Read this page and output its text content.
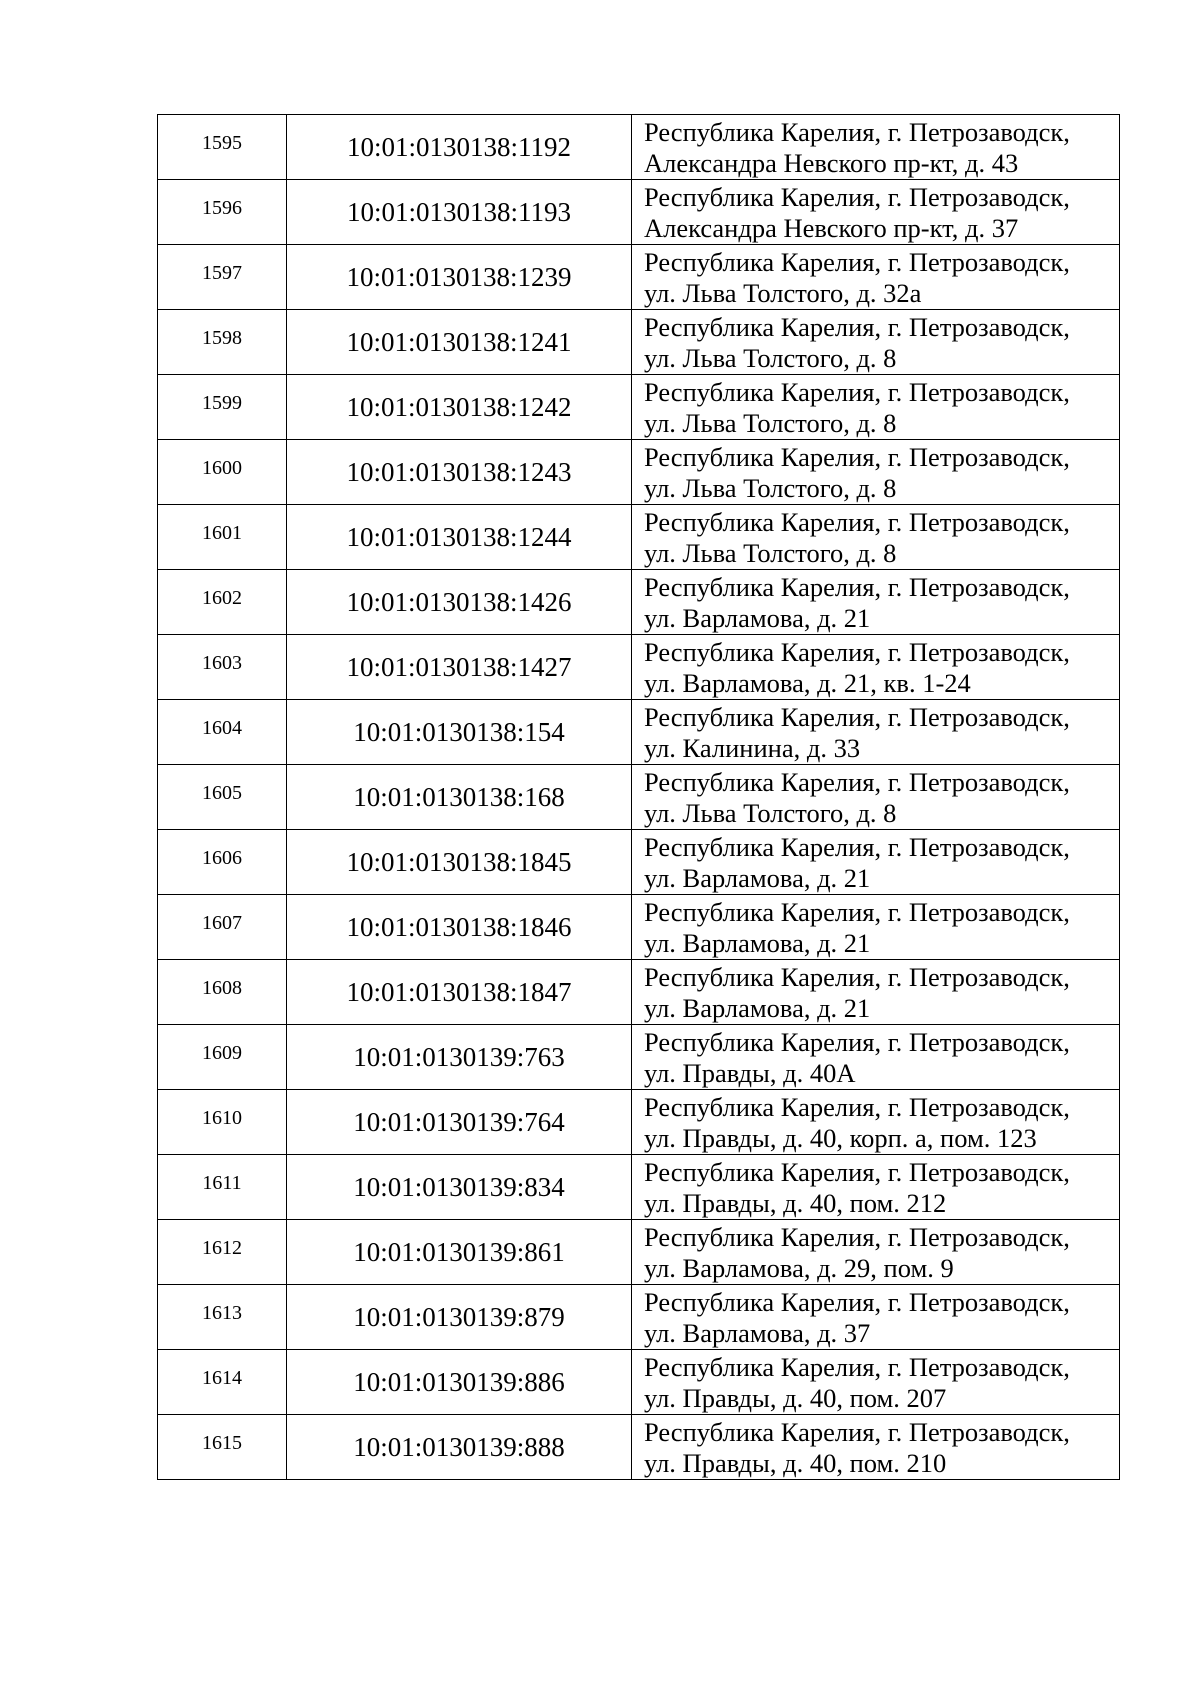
1595	10:01:0130138:1192	Республика Карелия, г. Петрозаводск,
Александра Невского пр-кт, д. 43

1596	10:01:0130138:1193	Республика Карелия, г. Петрозаводск,
Александра Невского пр-кт, д. 37

1597	10:01:0130138:1239	Республика Карелия, г. Петрозаводск,
ул. Льва Толстого, д. 32а

1598	10:01:0130138:1241	Республика Карелия, г. Петрозаводск,
ул. Льва Толстого, д. 8

1599	10:01:0130138:1242	Республика Карелия, г. Петрозаводск,
ул. Льва Толстого, д. 8

1600	10:01:0130138:1243	Республика Карелия, г. Петрозаводск,
ул. Льва Толстого, д. 8

1601	10:01:0130138:1244	Республика Карелия, г. Петрозаводск,
ул. Льва Толстого, д. 8

1602	10:01:0130138:1426	Республика Карелия, г. Петрозаводск,
ул. Варламова, д. 21

1603	10:01:0130138:1427	Республика Карелия, г. Петрозаводск,
ул. Варламова, д. 21, кв. 1-24

1604	10:01:0130138:154	Республика Карелия, г. Петрозаводск,
ул. Калинина, д. 33

1605	10:01:0130138:168	Республика Карелия, г. Петрозаводск,
ул. Льва Толстого, д. 8

1606	10:01:0130138:1845	Республика Карелия, г. Петрозаводск,
ул. Варламова, д. 21

1607	10:01:0130138:1846	Республика Карелия, г. Петрозаводск,
ул. Варламова, д. 21

1608	10:01:0130138:1847	Республика Карелия, г. Петрозаводск,
ул. Варламова, д. 21

1609	10:01:0130139:763	Республика Карелия, г. Петрозаводск,
ул. Правды, д. 40А

1610	10:01:0130139:764	Республика Карелия, г. Петрозаводск,
ул. Правды, д. 40, корп. а, пом. 123

1611	10:01:0130139:834	Республика Карелия, г. Петрозаводск,
ул. Правды, д. 40, пом. 212

1612	10:01:0130139:861	Республика Карелия, г. Петрозаводск,
ул. Варламова, д. 29, пом. 9

1613	10:01:0130139:879	Республика Карелия, г. Петрозаводск,
ул. Варламова, д. 37

1614	10:01:0130139:886	Республика Карелия, г. Петрозаводск,
ул. Правды, д. 40, пом. 207

1615	10:01:0130139:888	Республика Карелия, г. Петрозаводск,
ул. Правды, д. 40, пом. 210
